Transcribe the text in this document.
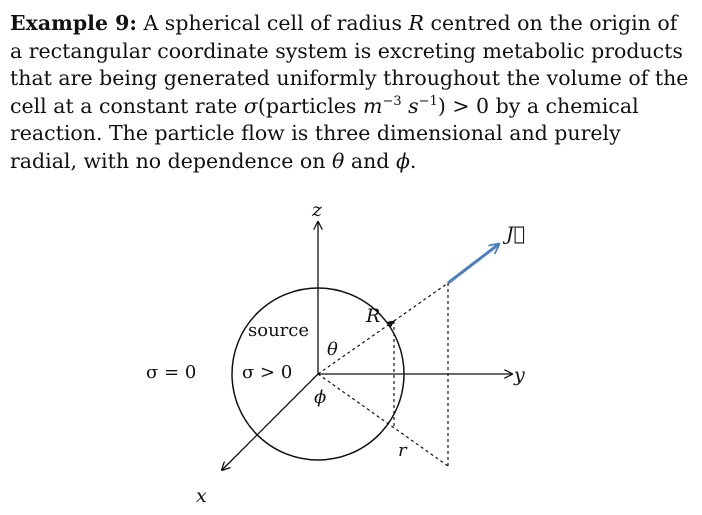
Example 9: A spherical cell of radius R centred on the origin of a rectangular coordinate system is excreting metabolic products that are being generated uniformly throughout the volume of the cell at a constant rate σ(particles $m^{-3}$ $s^{-1}) > 0$ by a chemical reaction. The particle flow is three dimensional and purely radial, with no dependence on θ and ϕ.
z
y
x
source
σ > 0
σ = 0
R
θ
ϕ
r
J⃗
